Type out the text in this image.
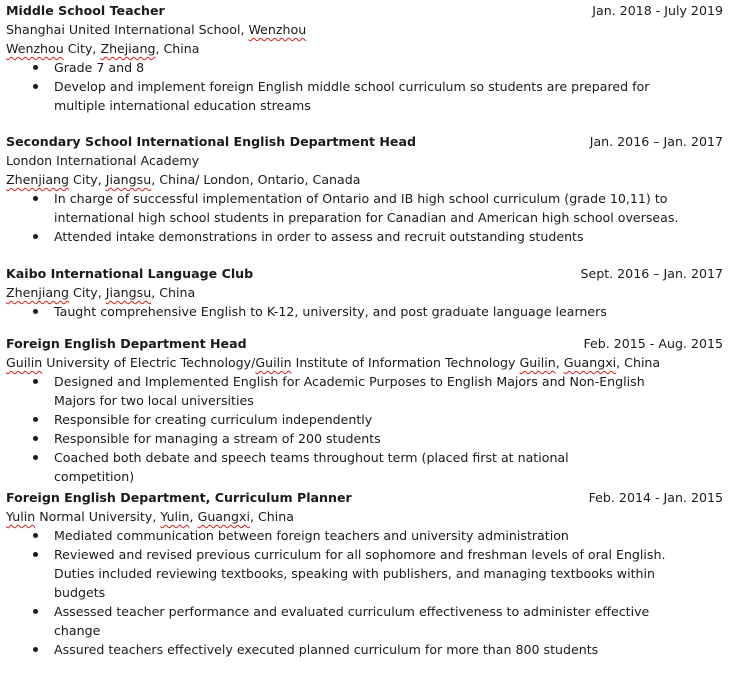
Middle School Teacher	Jan. 2018 - July 2019
Shanghai United International School, Wenzhou
Wenzhou City, Zhejiang, China
Grade 7 and 8
Develop and implement foreign English middle school curriculum so students are prepared for multiple international education streams
Secondary School International English Department Head	Jan. 2016 – Jan. 2017
London International Academy
Zhenjiang City, Jiangsu, China/ London, Ontario, Canada
In charge of successful implementation of Ontario and IB high school curriculum (grade 10,11) to international high school students in preparation for Canadian and American high school overseas.
Attended intake demonstrations in order to assess and recruit outstanding students
Kaibo International Language Club	Sept. 2016 – Jan. 2017
Zhenjiang City, Jiangsu, China
Taught comprehensive English to K-12, university, and post graduate language learners
Foreign English Department Head	Feb. 2015 - Aug. 2015
Guilin University of Electric Technology/Guilin Institute of Information Technology Guilin, Guangxi, China
Designed and Implemented English for Academic Purposes to English Majors and Non-English Majors for two local universities
Responsible for creating curriculum independently
Responsible for managing a stream of 200 students
Coached both debate and speech teams throughout term (placed first at national competition)
Foreign English Department, Curriculum Planner	Feb. 2014 - Jan. 2015
Yulin Normal University, Yulin, Guangxi, China
Mediated communication between foreign teachers and university administration
Reviewed and revised previous curriculum for all sophomore and freshman levels of oral English. Duties included reviewing textbooks, speaking with publishers, and managing textbooks within budgets
Assessed teacher performance and evaluated curriculum effectiveness to administer effective change
Assured teachers effectively executed planned curriculum for more than 800 students
